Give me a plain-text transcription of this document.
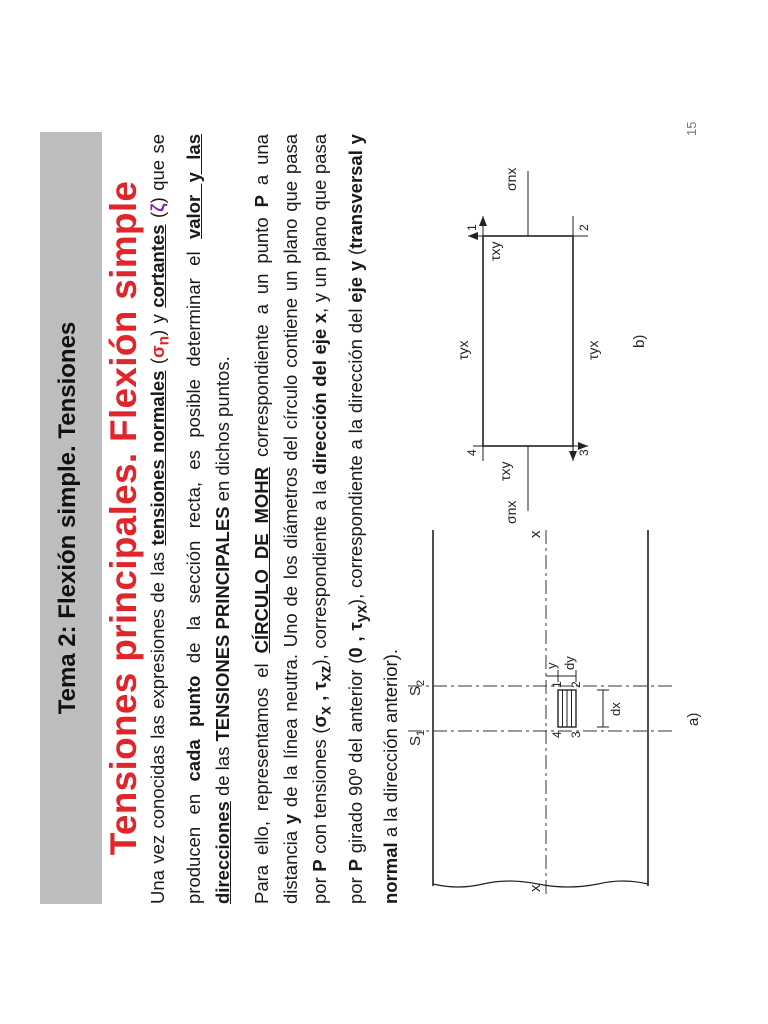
Tema 2: Flexión simple. Tensiones Tensiones principales. Flexión simple Una vez conocidas las expresiones de las tensiones normales $(\sigma_n)$ y cortantes (ζ) que se producen en cada punto de la sección recta, es posible determinar el valor y las direcciones de las TENSIONES PRINCIPALES en dichos puntos.
Para ello, representamos el CÍRCULO DE MOHR correspondiente a un punto P a una distancia y de la línea neutra. Uno de los diámetros del círculo contiene un plano que pasa por P con tensiones ($\sigma_x$ , $\tau_{xz}$), correspondiente a la dirección del eje x, y un plano que pasa por P girado 90º del anterior (0 , $\tau_{yx}$), correspondiente a la dirección del eje y (transversal y normal a la dirección anterior). $S_1$
$S_2$
x
x
y dy
dx
4 3
1 2
a)
σnx
σnx
τxy
τxy
τyx	τyx
4	3
1	2
b)
15
